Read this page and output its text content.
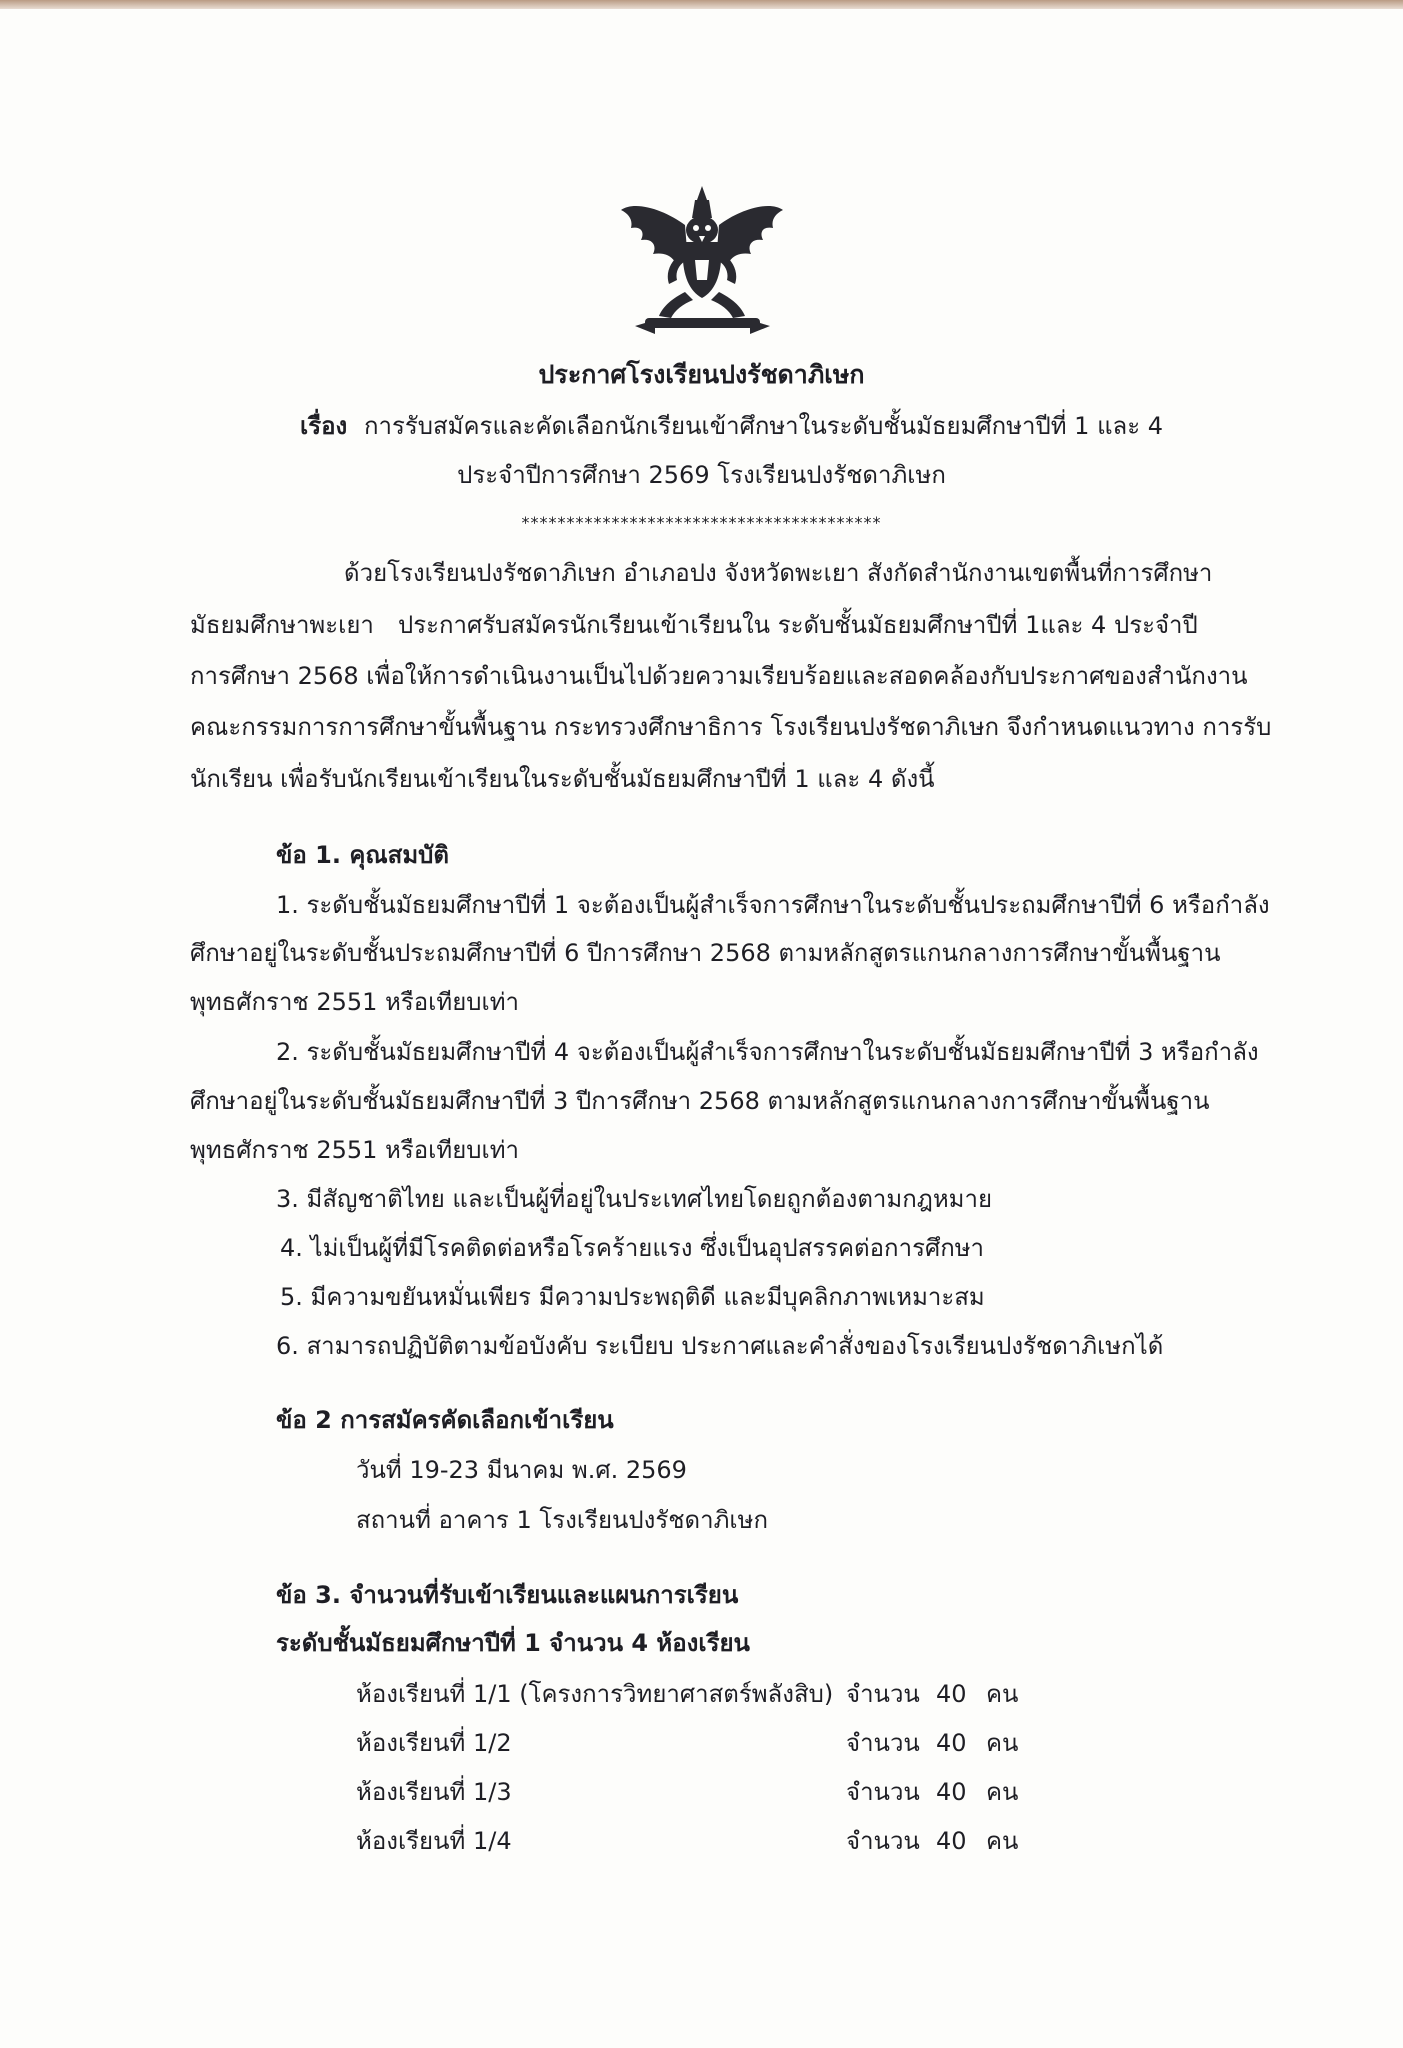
ประกาศโรงเรียนปงรัชดาภิเษก
เรื่อง การรับสมัครและคัดเลือกนักเรียนเข้าศึกษาในระดับชั้นมัธยมศึกษาปีที่ 1 และ 4
ประจำปีการศึกษา 2569 โรงเรียนปงรัชดาภิเษก
****************************************
ด้วยโรงเรียนปงรัชดาภิเษก อำเภอปง จังหวัดพะเยา สังกัดสำนักงานเขตพื้นที่การศึกษา
มัธยมศึกษาพะเยา ประกาศรับสมัครนักเรียนเข้าเรียนใน ระดับชั้นมัธยมศึกษาปีที่ 1และ 4 ประจำปี
การศึกษา 2568 เพื่อให้การดำเนินงานเป็นไปด้วยความเรียบร้อยและสอดคล้องกับประกาศของสำนักงาน
คณะกรรมการการศึกษาขั้นพื้นฐาน กระทรวงศึกษาธิการ โรงเรียนปงรัชดาภิเษก จึงกำหนดแนวทาง การรับ
นักเรียน เพื่อรับนักเรียนเข้าเรียนในระดับชั้นมัธยมศึกษาปีที่ 1 และ 4 ดังนี้
ข้อ 1. คุณสมบัติ
1. ระดับชั้นมัธยมศึกษาปีที่ 1 จะต้องเป็นผู้สำเร็จการศึกษาในระดับชั้นประถมศึกษาปีที่ 6 หรือกำลัง
ศึกษาอยู่ในระดับชั้นประถมศึกษาปีที่ 6 ปีการศึกษา 2568 ตามหลักสูตรแกนกลางการศึกษาขั้นพื้นฐาน
พุทธศักราช 2551 หรือเทียบเท่า
2. ระดับชั้นมัธยมศึกษาปีที่ 4 จะต้องเป็นผู้สำเร็จการศึกษาในระดับชั้นมัธยมศึกษาปีที่ 3 หรือกำลัง
ศึกษาอยู่ในระดับชั้นมัธยมศึกษาปีที่ 3 ปีการศึกษา 2568 ตามหลักสูตรแกนกลางการศึกษาขั้นพื้นฐาน
พุทธศักราช 2551 หรือเทียบเท่า
3. มีสัญชาติไทย และเป็นผู้ที่อยู่ในประเทศไทยโดยถูกต้องตามกฎหมาย
4. ไม่เป็นผู้ที่มีโรคติดต่อหรือโรคร้ายแรง ซึ่งเป็นอุปสรรคต่อการศึกษา
5. มีความขยันหมั่นเพียร มีความประพฤติดี และมีบุคลิกภาพเหมาะสม
6. สามารถปฏิบัติตามข้อบังคับ ระเบียบ ประกาศและคำสั่งของโรงเรียนปงรัชดาภิเษกได้
ข้อ 2 การสมัครคัดเลือกเข้าเรียน
วันที่ 19-23 มีนาคม พ.ศ. 2569
สถานที่ อาคาร 1 โรงเรียนปงรัชดาภิเษก
ข้อ 3. จำนวนที่รับเข้าเรียนและแผนการเรียน
ระดับชั้นมัธยมศึกษาปีที่ 1 จำนวน 4 ห้องเรียน
ห้องเรียนที่ 1/1 (โครงการวิทยาศาสตร์พลังสิบ) จำนวน 40 คน
ห้องเรียนที่ 1/2	จำนวน 40 คน
ห้องเรียนที่ 1/3	จำนวน 40 คน
ห้องเรียนที่ 1/4	จำนวน 40 คน
